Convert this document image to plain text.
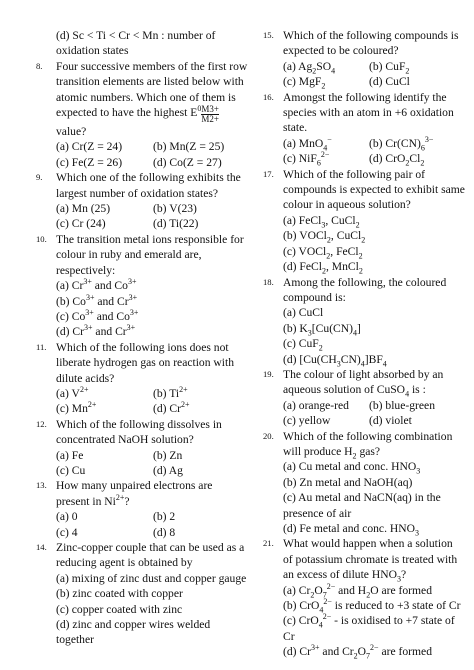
(d) Sc < Ti < Cr < Mn : number of oxidation states
8.	Four successive members of the first row transition elements are listed below with atomic numbers. Which one of them is expected to have the highest $E^0 \frac{M3+}{M2+}$
value?
(a) Cr(Z = 24)	(b) Mn(Z = 25)
(c) Fe(Z = 26)	(d) Co(Z = 27)
9.	Which one of the following exhibits the largest number of oxidation states?
(a) Mn (25)	(b) V(23)
(c) Cr (24)	(d) Ti(22)
10. The transition metal ions responsible for colour in ruby and emerald are, respectively:
(a) $Cr^{3+}$ and $Co^{3+}$
(b) $Co^{3+}$ and $Cr^{3+}$
(c) $Co^{3+}$ and $Co^{3+}$
(d) $Cr^{3+}$ and $Cr^{3+}$
11. Which of the following ions does not liberate hydrogen gas on reaction with dilute acids?
(a) $V^{2+}$	(b) $Ti^{2+}$
(c) $Mn^{2+}$	(d) $Cr^{2+}$
12. Which of the following dissolves in concentrated NaOH solution?
(a) Fe	(b) Zn
(c) Cu	(d) Ag
13. How many unpaired electrons are present in $Ni^{2+}$?
(a) 0	(b) 2
(c) 4	(d) 8
14. Zinc-copper couple that can be used as a reducing agent is obtained by
(a) mixing of zinc dust and copper gauge
(b) zinc coated with copper
(c) copper coated with zinc
(d) zinc and copper wires welded together
15. Which of the following compounds is expected to be coloured?
(a) $Ag_2SO_4$	(b) CuF$_2$
(c) MgF$_2$	(d) CuCl
16. Amongst the following identify the species with an atom in +6 oxidation state.
(a) MnO$_4$−	(b) $Cr(CN)_6^{3-}$
(c) NiF$_6^{2-}$	(d) $CrO_2Cl_2$
17. Which of the following pair of compounds is expected to exhibit same colour in aqueous solution?
(a) FeCl$_3$, CuCl$_2$
(b) VOCl$_2$, CuCl$_2$
(c) VOCl$_2$, FeCl$_2$
(d) FeCl$_2$, MnCl$_2$
18. Among the following, the coloured compound is:
(a) CuCl
(b) $K_3[Cu(CN)_4]$
(c) CuF$_2$
(d) $[Cu(CH_3CN)_4]BF_4$
19. The colour of light absorbed by an aqueous solution of CuSO$_4$ is :
(a) orange-red	(b) blue-green
(c) yellow	(d) violet
20. Which of the following combination will produce $H_2$ gas?
(a) Cu metal and conc. $HNO_3$
(b) Zn metal and NaOH(aq)
(c) Au metal and NaCN(aq) in the presence of air
(d) Fe metal and conc. $HNO_3$
21. What would happen when a solution of potassium chromate is treated with an excess of dilute $HNO_3$?
(a) $Cr_2O_7^{2-}$ and $H_2O$ are formed
(b) CrO$_4^{2-}$ is reduced to +3 state of Cr
(c) CrO$_4^{2-}$ - is oxidised to +7 state of Cr
(d) $Cr^{3+}$ and $Cr_2O_7^{2-}$ are formed
